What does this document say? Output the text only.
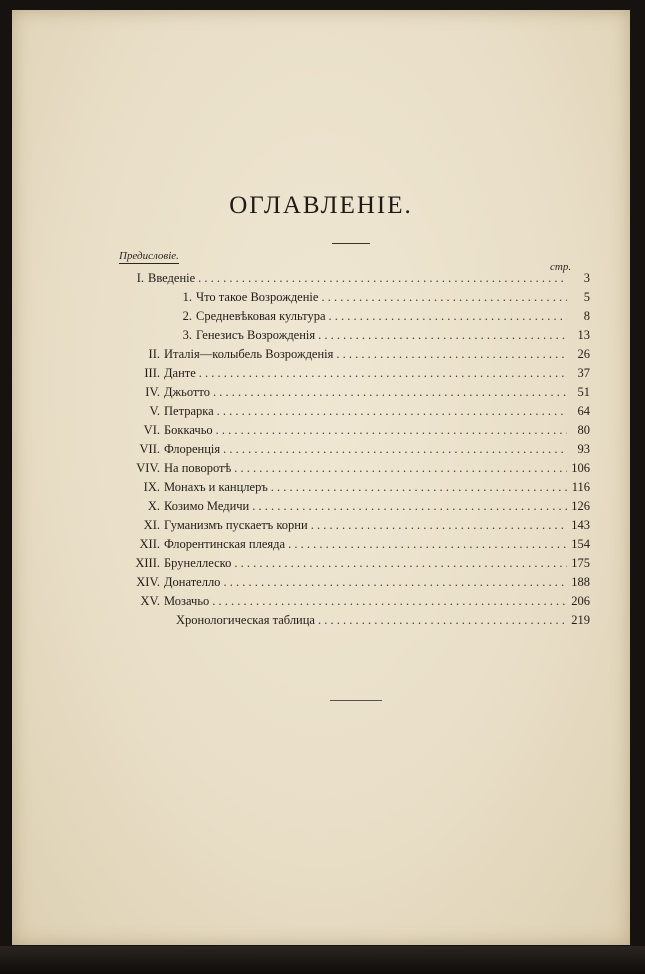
ОГЛАВЛЕНІЕ.
Предисловіе.
стр.
I. Введеніе . . .	3
1. Что такое Возрожденіе . . .	5
2. Средневѣковая культура . . .	8
3. Генезисъ Возрожденія . . .	13
II. Италія—колыбель Возрожденія . . .	26
III. Данте . . .	37
IV. Джьотто . . .	51
V. Петрарка . . .	64
VI. Боккачьо . . .	80
VII. Флоренція . . .	93
VIV. На поворотѣ . . .	106
IX. Монахъ и канцлеръ . . .	116
X. Козимо Медичи . . .	126
XI. Гуманизмъ пускаетъ корни . . .	143
XII. Флорентинская плеяда . . .	154
XIII. Брунеллеско . . .	175
XIV. Донателло . . .	188
XV. Мозачьо . . .	206
Хронологическая таблица . . .	219
